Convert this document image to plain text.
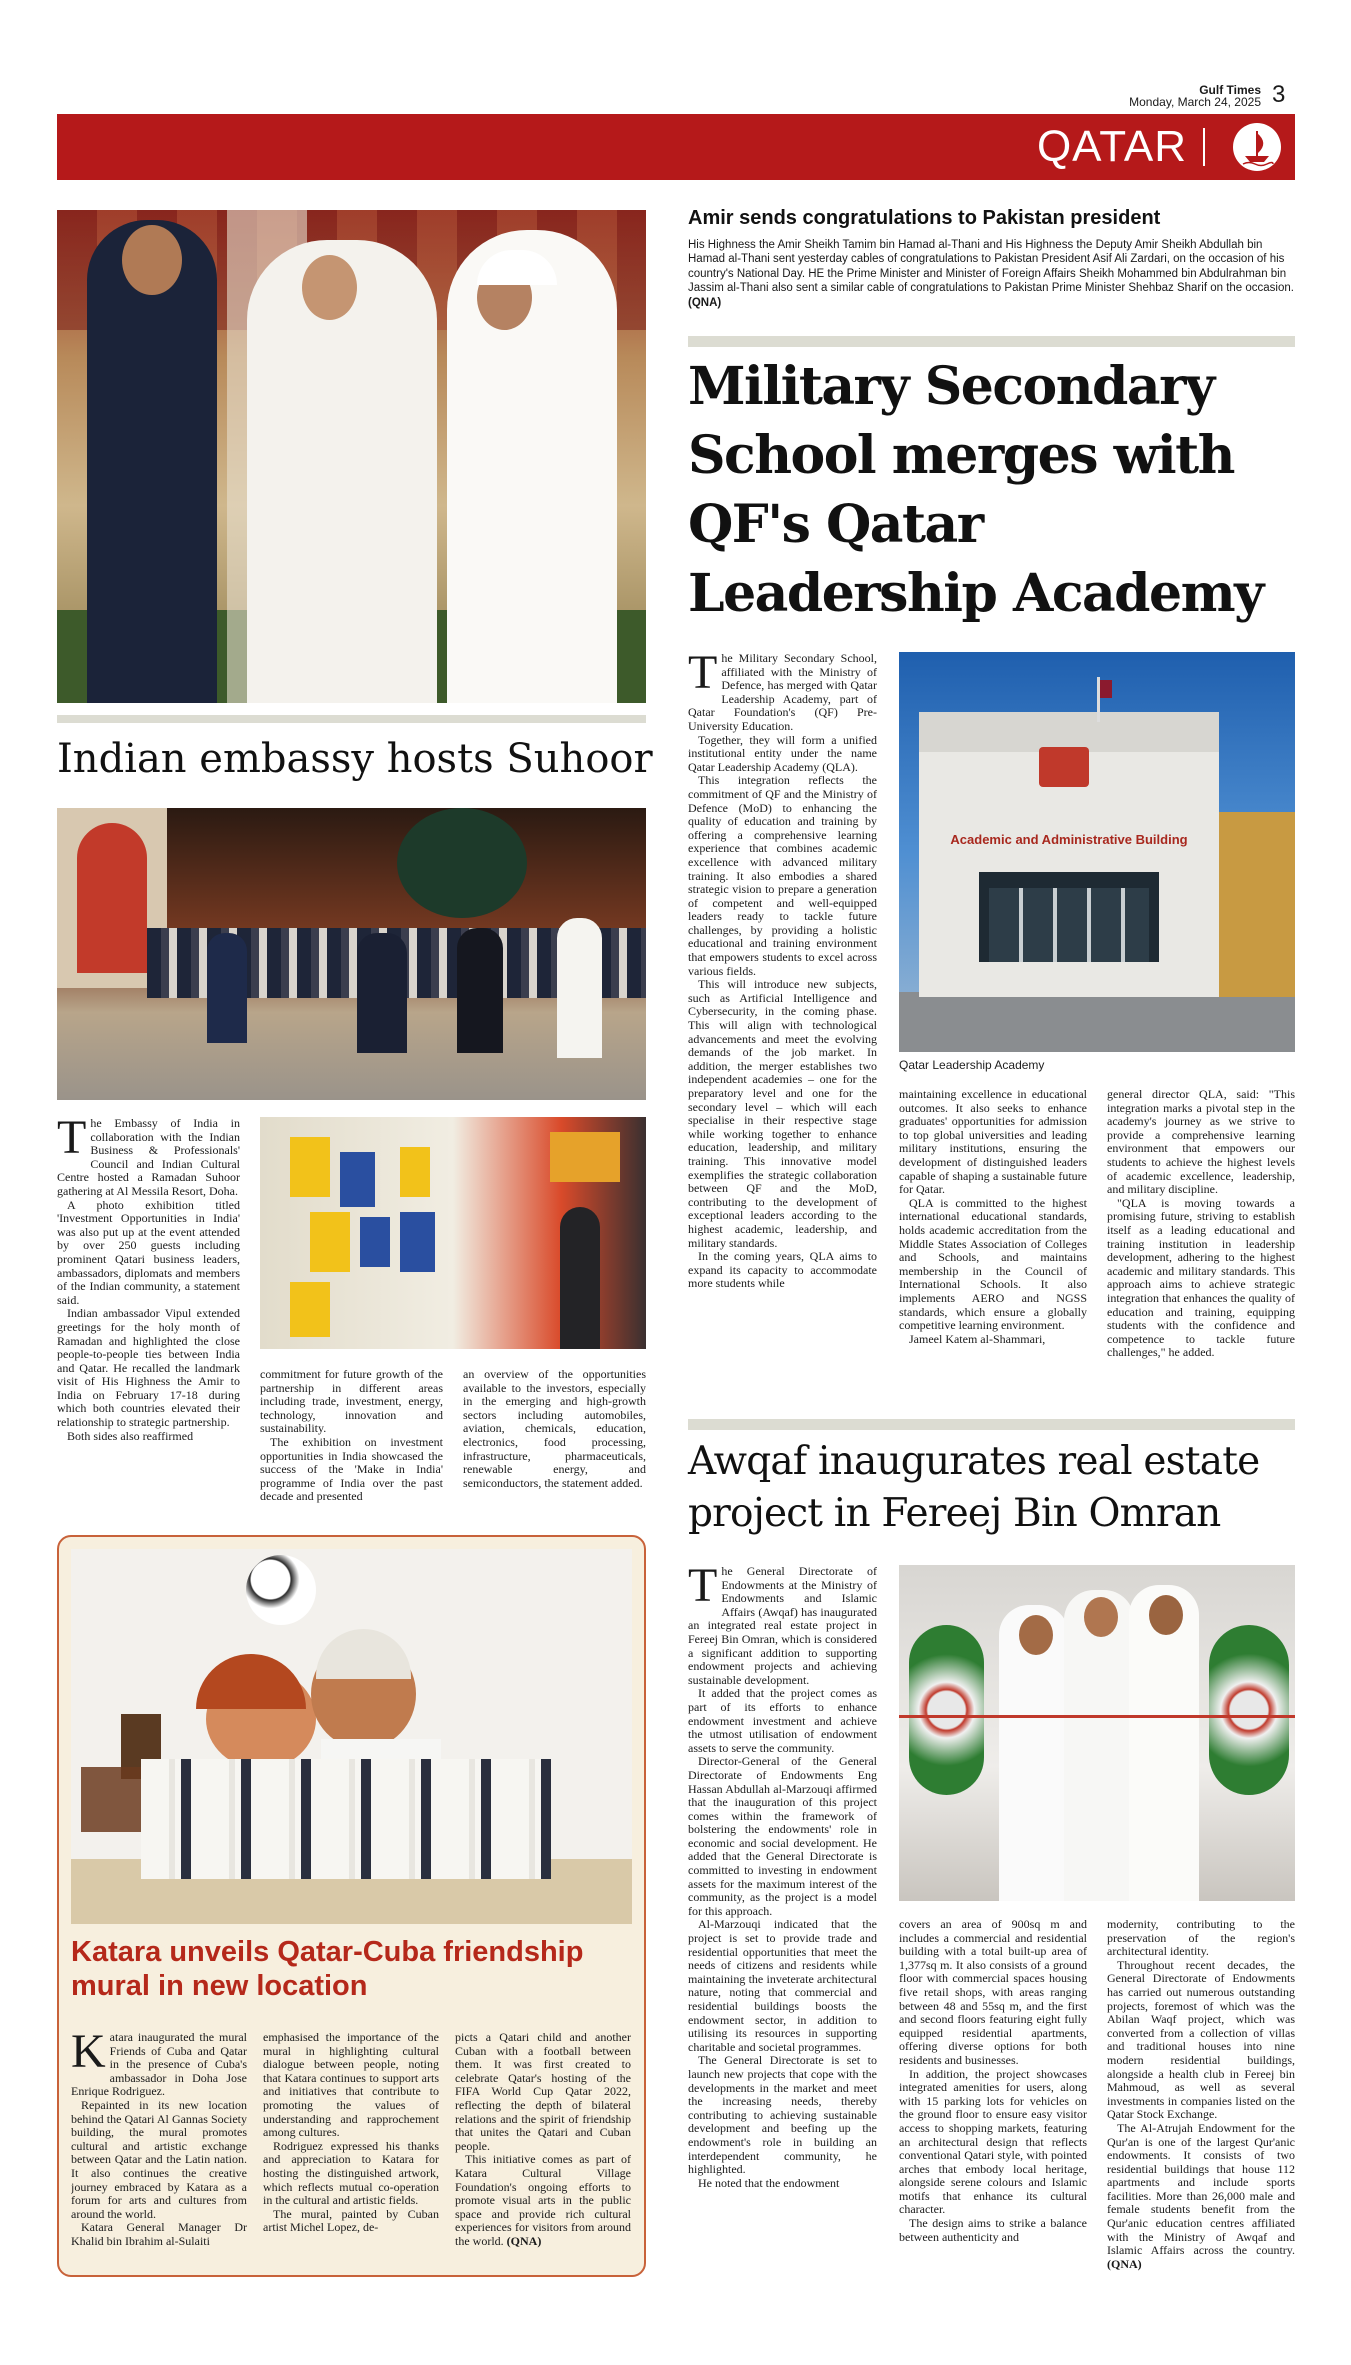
Gulf Times
Monday, March 24, 2025 3
QATAR
Indian embassy hosts Suhoor

The Embassy of India in collaboration with the Indian Business & Professionals' Council and Indian Cultural Centre hosted a Ramadan Suhoor gathering at Al Messila Resort, Doha.

A photo exhibition titled 'Investment Opportunities in India' was also put up at the event attended by over 250 guests including prominent Qatari business leaders, ambassadors, diplomats and members of the Indian community, a statement said.

Indian ambassador Vipul extended greetings for the holy month of Ramadan and highlighted the close people-to-people ties between India and Qatar. He recalled the landmark visit of His Highness the Amir to India on February 17-18 during which both countries elevated their relationship to strategic partnership.

Both sides also reaffirmed

commitment for future growth of the partnership in different areas including trade, investment, energy, technology, innovation and sustainability.

The exhibition on investment opportunities in India showcased the success of the 'Make in India' programme of India over the past decade and presented

an overview of the opportunities available to the investors, especially in the emerging and high-growth sectors including automobiles, aviation, chemicals, education, electronics, food processing, infrastructure, pharmaceuticals, renewable energy, and semiconductors, the statement added.

Katara unveils Qatar-Cuba friendship mural in new location

Katara inaugurated the mural Friends of Cuba and Qatar in the presence of Cuba's ambassador in Doha Jose Enrique Rodriguez.

Repainted in its new location behind the Qatari Al Gannas Society building, the mural promotes cultural and artistic exchange between Qatar and the Latin nation. It also continues the creative journey embraced by Katara as a forum for arts and cultures from around the world.

Katara General Manager Dr Khalid bin Ibrahim al-Sulaiti

emphasised the importance of the mural in highlighting cultural dialogue between people, noting that Katara continues to support arts and initiatives that contribute to promoting the values of understanding and rapprochement among cultures.

Rodriguez expressed his thanks and appreciation to Katara for hosting the distinguished artwork, which reflects mutual co-operation in the cultural and artistic fields.

The mural, painted by Cuban artist Michel Lopez, de-

picts a Qatari child and another Cuban with a football between them. It was first created to celebrate Qatar's hosting of the FIFA World Cup Qatar 2022, reflecting the depth of bilateral relations and the spirit of friendship that unites the Qatari and Cuban people.

This initiative comes as part of Katara Cultural Village Foundation's ongoing efforts to promote visual arts in the public space and provide rich cultural experiences for visitors from around the world. (QNA)

Amir sends congratulations to Pakistan president
His Highness the Amir Sheikh Tamim bin Hamad al-Thani and His Highness the Deputy Amir Sheikh Abdullah bin Hamad al-Thani sent yesterday cables of congratulations to Pakistan President Asif Ali Zardari, on the occasion of his country's National Day. HE the Prime Minister and Minister of Foreign Affairs Sheikh Mohammed bin Abdulrahman bin Jassim al-Thani also sent a similar cable of congratulations to Pakistan Prime Minister Shehbaz Sharif on the occasion. (QNA)
Military Secondary School merges with QF's Qatar Leadership Academy

The Military Secondary School, affiliated with the Ministry of Defence, has merged with Qatar Leadership Academy, part of Qatar Foundation's (QF) Pre-University Education.

Together, they will form a unified institutional entity under the name Qatar Leadership Academy (QLA).

This integration reflects the commitment of QF and the Ministry of Defence (MoD) to enhancing the quality of education and training by offering a comprehensive learning experience that combines academic excellence with advanced military training. It also embodies a shared strategic vision to prepare a generation of competent and well-equipped leaders ready to tackle future challenges, by providing a holistic educational and training environment that empowers students to excel across various fields.

This will introduce new subjects, such as Artificial Intelligence and Cybersecurity, in the coming phase. This will align with technological advancements and meet the evolving demands of the job market. In addition, the merger establishes two independent academies – one for the preparatory level and one for the secondary level – which will each specialise in their respective stage while working together to enhance education, leadership, and military training. This innovative model exemplifies the strategic collaboration between QF and the MoD, contributing to the development of exceptional leaders according to the highest academic, leadership, and military standards.

In the coming years, QLA aims to expand its capacity to accommodate more students while

Academic and Administrative Building
Qatar Leadership Academy

maintaining excellence in educational outcomes. It also seeks to enhance graduates' opportunities for admission to top global universities and leading military institutions, ensuring the development of distinguished leaders capable of shaping a sustainable future for Qatar.

QLA is committed to the highest international educational standards, holds academic accreditation from the Middle States Association of Colleges and Schools, and maintains membership in the Council of International Schools. It also implements AERO and NGSS standards, which ensure a globally competitive learning environment.

Jameel Katem al-Shammari,

general director QLA, said: "This integration marks a pivotal step in the academy's journey as we strive to provide a comprehensive learning environment that empowers our students to achieve the highest levels of academic excellence, leadership, and military discipline.

"QLA is moving towards a promising future, striving to establish itself as a leading educational and training institution in leadership development, adhering to the highest academic and military standards. This approach aims to achieve strategic integration that enhances the quality of education and training, equipping students with the confidence and competence to tackle future challenges," he added.

Awqaf inaugurates real estate project in Fereej Bin Omran

The General Directorate of Endowments at the Ministry of Endowments and Islamic Affairs (Awqaf) has inaugurated an integrated real estate project in Fereej Bin Omran, which is considered a significant addition to supporting endowment projects and achieving sustainable development.

It added that the project comes as part of its efforts to enhance endowment investment and achieve the utmost utilisation of endowment assets to serve the community.

Director-General of the General Directorate of Endowments Eng Hassan Abdullah al-Marzouqi affirmed that the inauguration of this project comes within the framework of bolstering the endowments' role in economic and social development. He added that the General Directorate is committed to investing in endowment assets for the maximum interest of the community, as the project is a model for this approach.

Al-Marzouqi indicated that the project is set to provide trade and residential opportunities that meet the needs of citizens and residents while maintaining the inveterate architectural nature, noting that commercial and residential buildings boosts the endowment sector, in addition to utilising its resources in supporting charitable and societal programmes.

The General Directorate is set to launch new projects that cope with the developments in the market and meet the increasing needs, thereby contributing to achieving sustainable development and beefing up the endowment's role in building an interdependent community, he highlighted.

He noted that the endowment

covers an area of 900sq m and includes a commercial and residential building with a total built-up area of 1,377sq m. It also consists of a ground floor with commercial spaces housing five retail shops, with areas ranging between 48 and 55sq m, and the first and second floors featuring eight fully equipped residential apartments, offering diverse options for both residents and businesses.

In addition, the project showcases integrated amenities for users, along with 15 parking lots for vehicles on the ground floor to ensure easy visitor access to shopping markets, featuring an architectural design that reflects conventional Qatari style, with pointed arches that embody local heritage, alongside serene colours and Islamic motifs that enhance its cultural character.

The design aims to strike a balance between authenticity and

modernity, contributing to the preservation of the region's architectural identity.

Throughout recent decades, the General Directorate of Endowments has carried out numerous outstanding projects, foremost of which was the Abilan Waqf project, which was converted from a collection of villas and traditional houses into nine modern residential buildings, alongside a health club in Fereej bin Mahmoud, as well as several investments in companies listed on the Qatar Stock Exchange.

The Al-Atrujah Endowment for the Qur'an is one of the largest Qur'anic endowments. It consists of two residential buildings that house 112 apartments and include sports facilities. More than 26,000 male and female students benefit from the Qur'anic education centres affiliated with the Ministry of Awqaf and Islamic Affairs across the country. (QNA)
